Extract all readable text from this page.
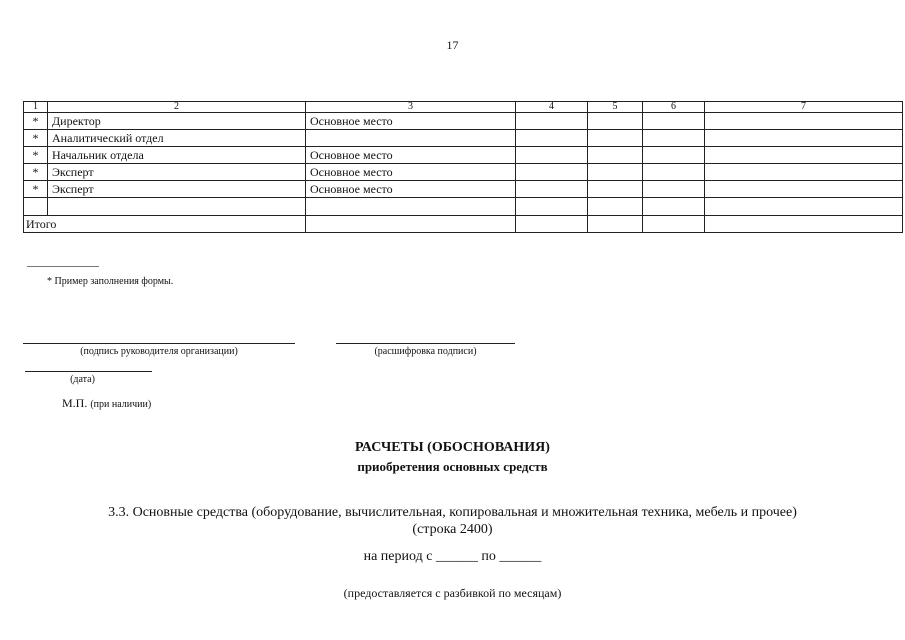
17
1	2	3	4	5	6	7
*	Директор	Основное место				
*	Аналитический отдел					
*	Начальник отдела	Основное место				
*	Эксперт	Основное место				
*	Эксперт	Основное место				

Итого						
* Пример заполнения формы.
(подпись руководителя организации)	(расшифровка подписи)
(дата)
М.П. (при наличии)
РАСЧЕТЫ (ОБОСНОВАНИЯ)
приобретения основных средств
3.3. Основные средства (оборудование, вычислительная, копировальная и множительная техника, мебель и прочее)
(строка 2400)
на период с ______ по ______
(предоставляется с разбивкой по месяцам)
